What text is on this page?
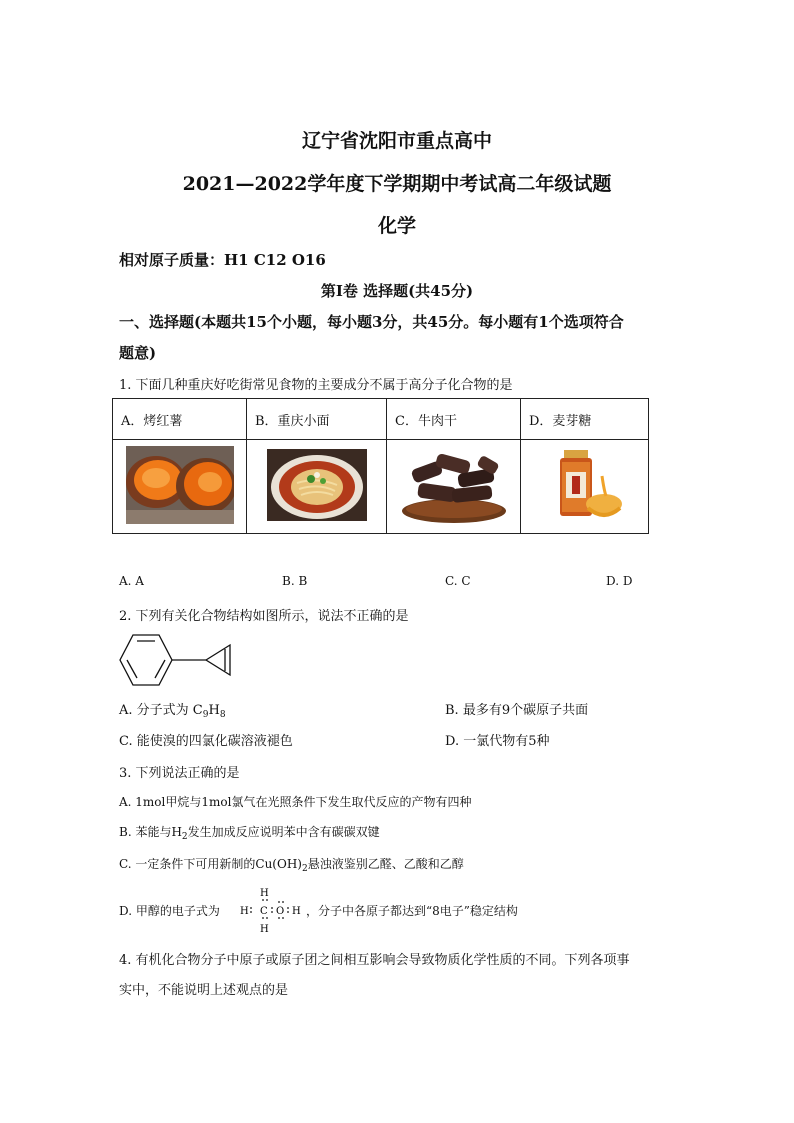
辽宁省沈阳市重点高中
2021—2022学年度下学期期中考试高二年级试题
化学
相对原子质量：H1 C12 O16
第I卷 选择题(共45分)
一、选择题(本题共15个小题，每小题3分，共45分。每小题有1个选项符合
题意)
1. 下面几种重庆好吃街常见食物的主要成分不属于高分子化合物的是
A．烤红薯	B．重庆小面	C．牛肉干	D．麦芽糖

A. A	B. B	C. C	D. D
2. 下列有关化合物结构如图所示，说法不正确的是
A. 分子式为 $C_9H_8$	B. 最多有9个碳原子共面
C. 能使溴的四氯化碳溶液褪色	D. 一氯代物有5种
3. 下列说法正确的是
A. 1mol甲烷与1mol氯气在光照条件下发生取代反应的产物有四种
B. 苯能与$H_2$发生加成反应说明苯中含有碳碳双键
C. 一定条件下可用新制的$Cu(OH)_2$悬浊液鉴别乙醛、乙酸和乙醇
D. 甲醇的电子式为
H
H C O H
H
，分子中各原子都达到“8电子”稳定结构
4. 有机化合物分子中原子或原子团之间相互影响会导致物质化学性质的不同。下列各项事
实中，不能说明上述观点的是
